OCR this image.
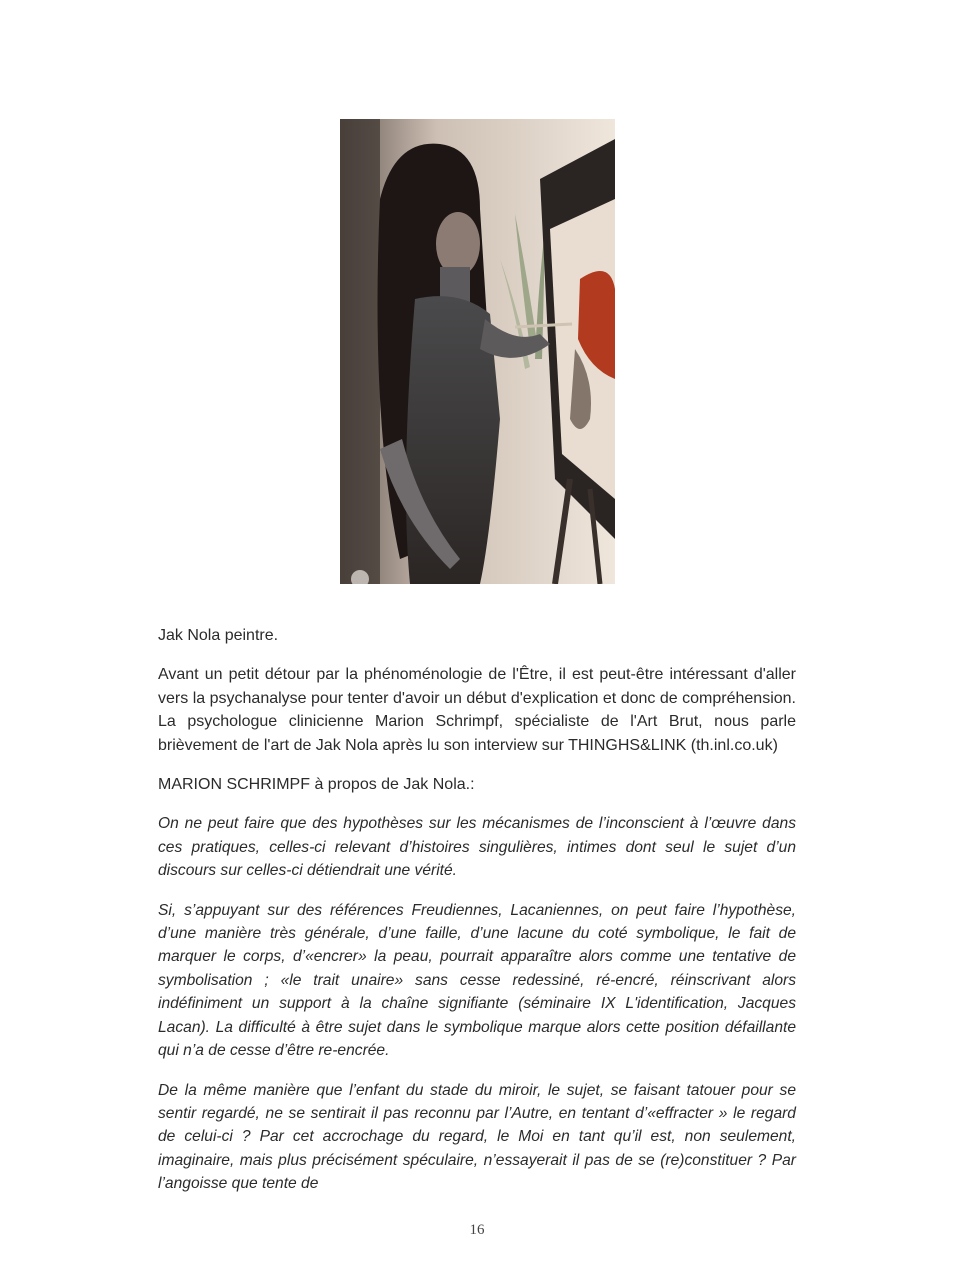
Jak Nola peintre.

Avant un petit détour par la phénoménologie de l'Être, il est peut-être intéressant d'aller vers la psychanalyse pour tenter d'avoir un début d'explication et donc de compréhension. La psychologue clinicienne Marion Schrimpf, spécialiste de l'Art Brut, nous parle brièvement de l'art de Jak Nola après lu son interview sur THINGHS&LINK (th.inl.co.uk)

MARION SCHRIMPF à propos de Jak Nola.:

On ne peut faire que des hypothèses sur les mécanismes de l’inconscient à l’œuvre dans ces pratiques, celles-ci relevant d’histoires singulières, intimes dont seul le sujet d’un discours sur celles-ci détiendrait une vérité.

Si, s’appuyant sur des références Freudiennes, Lacaniennes, on peut faire l’hypothèse, d’une manière très générale, d’une faille, d’une lacune du coté symbolique, le fait de marquer le corps, d’«encrer» la peau, pourrait apparaître alors comme une tentative de symbolisation ; «le trait unaire» sans cesse redessiné, ré-encré, réinscrivant alors indéfiniment un support à la chaîne signifiante (séminaire IX L'identification, Jacques Lacan). La difficulté à être sujet dans le symbolique marque alors cette position défaillante qui n’a de cesse d’être re-encrée.

De la même manière que l’enfant du stade du miroir, le sujet, se faisant tatouer pour se sentir regardé, ne se sentirait il pas reconnu par l’Autre, en tentant d’«effracter » le regard de celui-ci ? Par cet accrochage du regard, le Moi en tant qu’il est, non seulement, imaginaire, mais plus précisément spéculaire, n’essayerait il pas de se (re)constituer ? Par l’angoisse que tente de

16
